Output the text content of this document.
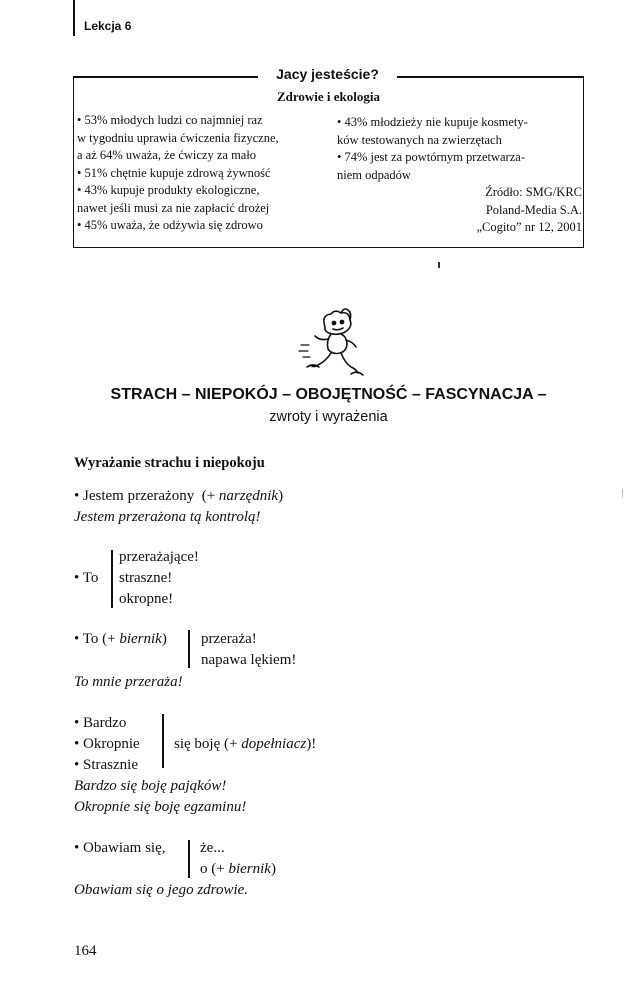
Lekcja 6
Jacy jesteście?
Zdrowie i ekologia
• 53% młodych ludzi co najmniej raz
w tygodniu uprawia ćwiczenia fizyczne,
a aż 64% uważa, że ćwiczy za mało
• 51% chętnie kupuje zdrową żywność
• 43% kupuje produkty ekologiczne,
nawet jeśli musi za nie zapłacić drożej
• 45% uważa, że odżywia się zdrowo
• 43% młodzieży nie kupuje kosmety-
ków testowanych na zwierzętach
• 74% jest za powtórnym przetwarza-
niem odpadów
Źródło: SMG/KRC
Poland-Media S.A.
„Cogito” nr 12, 2001
STRACH – NIEPOKÓJ – OBOJĘTNOŚĆ – FASCYNACJA –
zwroty i wyrażenia
Wyrażanie strachu i niepokoju
• Jestem przerażony (+ narzędnik)
Jestem przerażona tą kontrolą!
• To
przerażające!
straszne!
okropne!
• To (+ biernik) przeraża!
napawa lękiem!
To mnie przeraża!
• Bardzo
• Okropnie
• Strasznie
się boję (+ dopełniacz)!
Bardzo się boję pająków!
Okropnie się boję egzaminu!
• Obawiam się, że...
o (+ biernik)
Obawiam się o jego zdrowie.
164
